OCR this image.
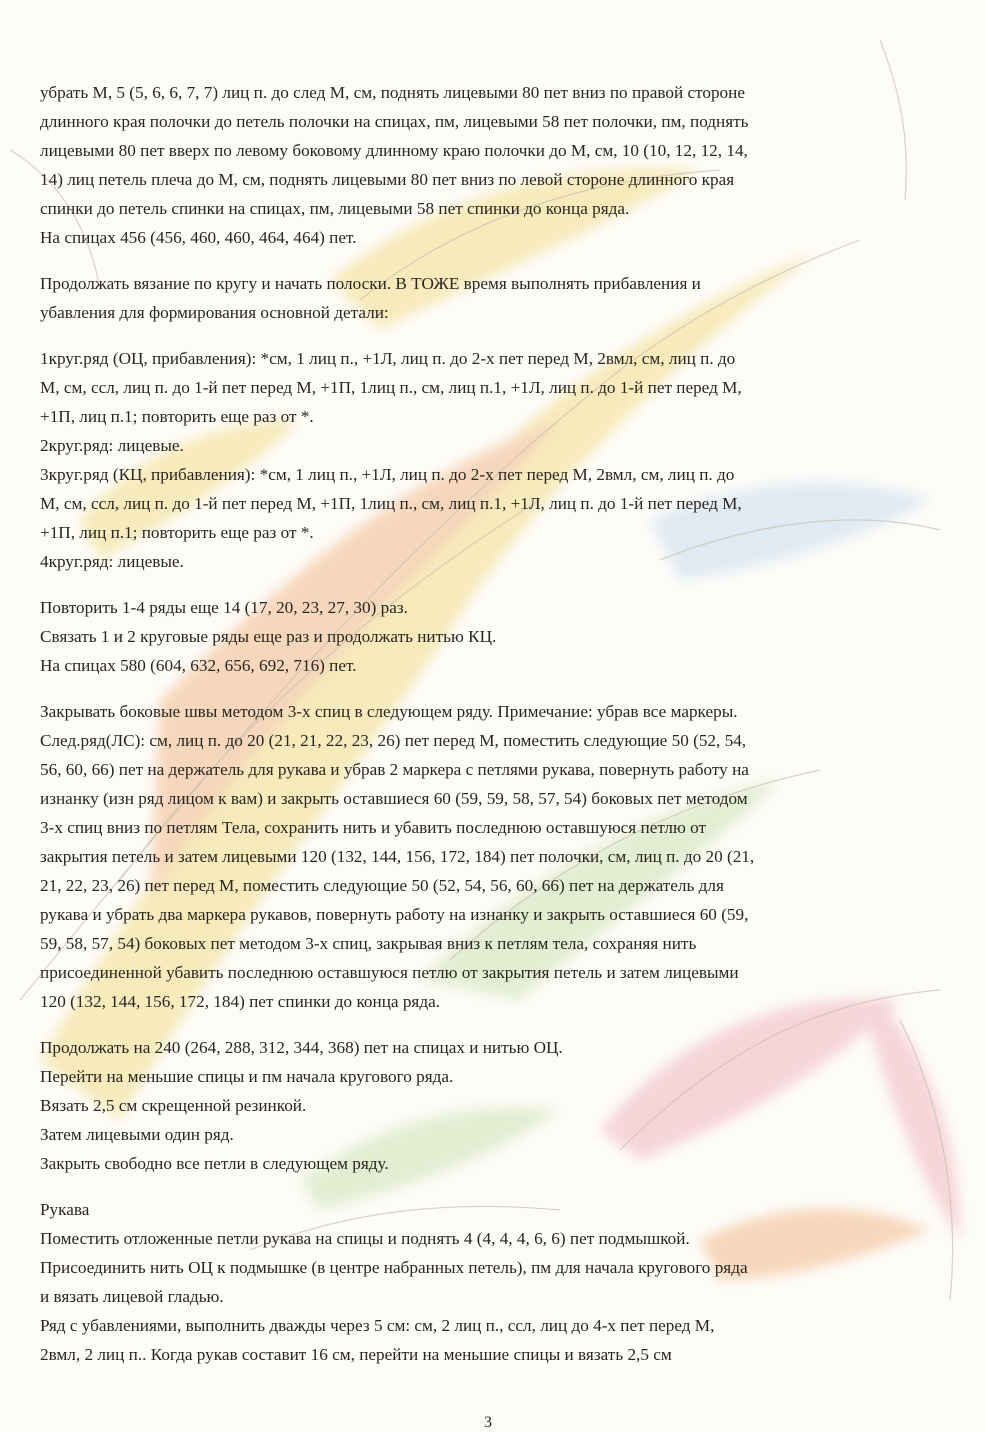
убрать М, 5 (5, 6, 6, 7, 7) лиц п. до след М, см, поднять лицевыми 80 пет вниз по правой стороне
длинного края полочки до петель полочки на спицах, пм, лицевыми 58 пет полочки, пм, поднять
лицевыми 80 пет вверх по левому боковому длинному краю полочки до М, см, 10 (10, 12, 12, 14,
14) лиц петель плеча до М, см, поднять лицевыми 80 пет вниз по левой стороне длинного края
спинки до петель спинки на спицах, пм, лицевыми 58 пет спинки до конца ряда.
На спицах 456 (456, 460, 460, 464, 464) пет.
Продолжать вязание по кругу и начать полоски. В ТОЖЕ время выполнять прибавления и
убавления для формирования основной детали:
1круг.ряд (ОЦ, прибавления): *см, 1 лиц п., +1Л, лиц п. до 2-х пет перед М, 2вмл, см, лиц п. до
М, см, ссл, лиц п. до 1-й пет перед М, +1П, 1лиц п., см, лиц п.1, +1Л, лиц п. до 1-й пет перед М,
+1П, лиц п.1; повторить еще раз от *.
2круг.ряд: лицевые.
3круг.ряд (КЦ, прибавления): *см, 1 лиц п., +1Л, лиц п. до 2-х пет перед М, 2вмл, см, лиц п. до
М, см, ссл, лиц п. до 1-й пет перед М, +1П, 1лиц п., см, лиц п.1, +1Л, лиц п. до 1-й пет перед М,
+1П, лиц п.1; повторить еще раз от *.
4круг.ряд: лицевые.
Повторить 1-4 ряды еще 14 (17, 20, 23, 27, 30) раз.
Связать 1 и 2 круговые ряды еще раз и продолжать нитью КЦ.
На спицах 580 (604, 632, 656, 692, 716) пет.
Закрывать боковые швы методом 3-х спиц в следующем ряду. Примечание: убрав все маркеры.
След.ряд(ЛС): см, лиц п. до 20 (21, 21, 22, 23, 26) пет перед М, поместить следующие 50 (52, 54,
56, 60, 66) пет на держатель для рукава и убрав 2 маркера с петлями рукава, повернуть работу на
изнанку (изн ряд лицом к вам) и закрыть оставшиеся 60 (59, 59, 58, 57, 54) боковых пет методом
3-х спиц вниз по петлям Тела, сохранить нить и убавить последнюю оставшуюся петлю от
закрытия петель и затем лицевыми 120 (132, 144, 156, 172, 184) пет полочки, см, лиц п. до 20 (21,
21, 22, 23, 26) пет перед М, поместить следующие 50 (52, 54, 56, 60, 66) пет на держатель для
рукава и убрать два маркера рукавов, повернуть работу на изнанку и закрыть оставшиеся 60 (59,
59, 58, 57, 54) боковых пет методом 3-х спиц, закрывая вниз к петлям тела, сохраняя нить
присоединенной убавить последнюю оставшуюся петлю от закрытия петель и затем лицевыми
120 (132, 144, 156, 172, 184) пет спинки до конца ряда.
Продолжать на 240 (264, 288, 312, 344, 368) пет на спицах и нитью ОЦ.
Перейти на меньшие спицы и пм начала кругового ряда.
Вязать 2,5 см скрещенной резинкой.
Затем лицевыми один ряд.
Закрыть свободно все петли в следующем ряду.
Рукава
Поместить отложенные петли рукава на спицы и поднять 4 (4, 4, 4, 6, 6) пет подмышкой.
Присоединить нить ОЦ к подмышке (в центре набранных петель), пм для начала кругового ряда
и вязать лицевой гладью.
Ряд с убавлениями, выполнить дважды через 5 см: см, 2 лиц п., ссл, лиц до 4-х пет перед М,
2вмл, 2 лиц п.. Когда рукав составит 16 см, перейти на меньшие спицы и вязать 2,5 см
3
